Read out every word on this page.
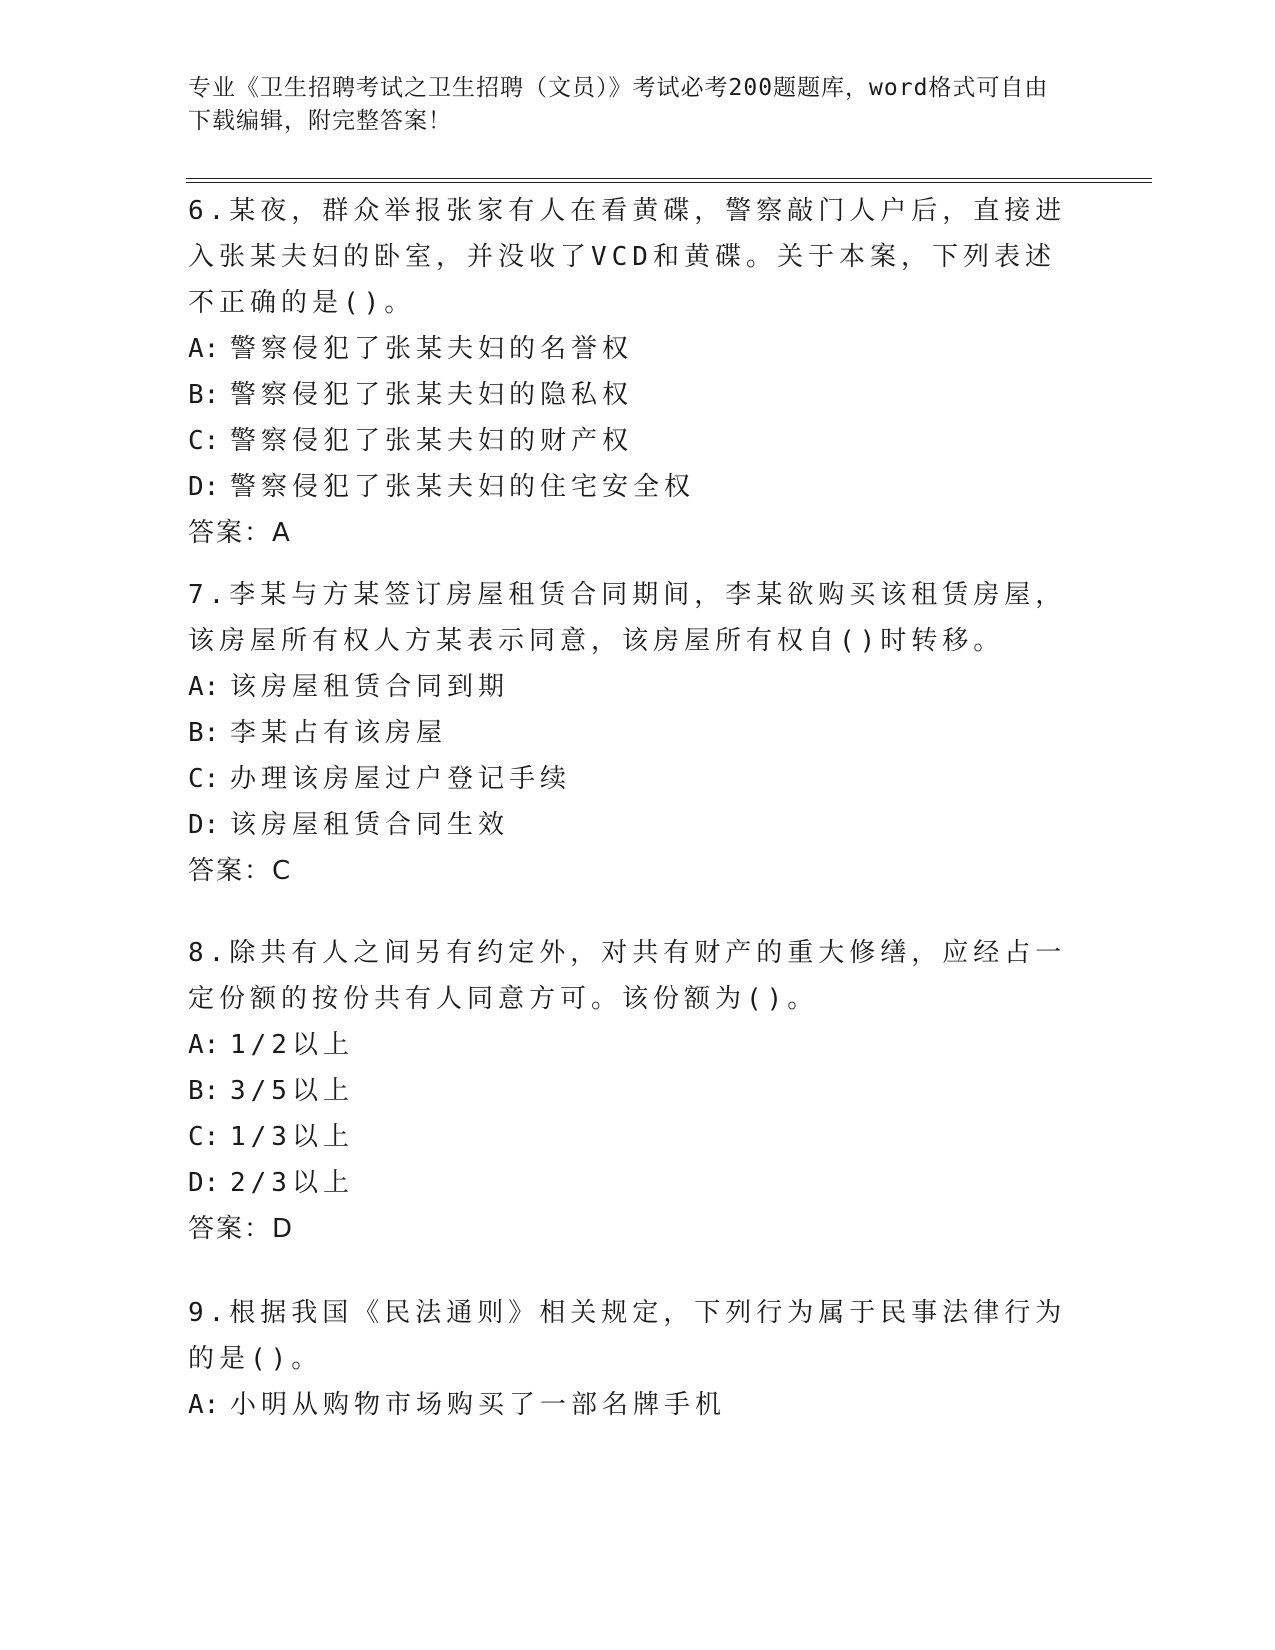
专业《卫生招聘考试之卫生招聘（文员）》考试必考200题题库，word格式可自由下载编辑，附完整答案！

6.某夜，群众举报张家有人在看黄碟，警察敲门人户后，直接进入张某夫妇的卧室，并没收了VCD和黄碟。关于本案，下列表述不正确的是()。

A: 警察侵犯了张某夫妇的名誉权

B: 警察侵犯了张某夫妇的隐私权

C: 警察侵犯了张某夫妇的财产权

D: 警察侵犯了张某夫妇的住宅安全权

答案：A

7.李某与方某签订房屋租赁合同期间，李某欲购买该租赁房屋，该房屋所有权人方某表示同意，该房屋所有权自()时转移。

A: 该房屋租赁合同到期

B: 李某占有该房屋

C: 办理该房屋过户登记手续

D: 该房屋租赁合同生效

答案：C

8.除共有人之间另有约定外，对共有财产的重大修缮，应经占一定份额的按份共有人同意方可。该份额为()。

A: 1/2以上

B: 3/5以上

C: 1/3以上

D: 2/3以上

答案：D

9.根据我国《民法通则》相关规定，下列行为属于民事法律行为的是()。

A: 小明从购物市场购买了一部名牌手机
